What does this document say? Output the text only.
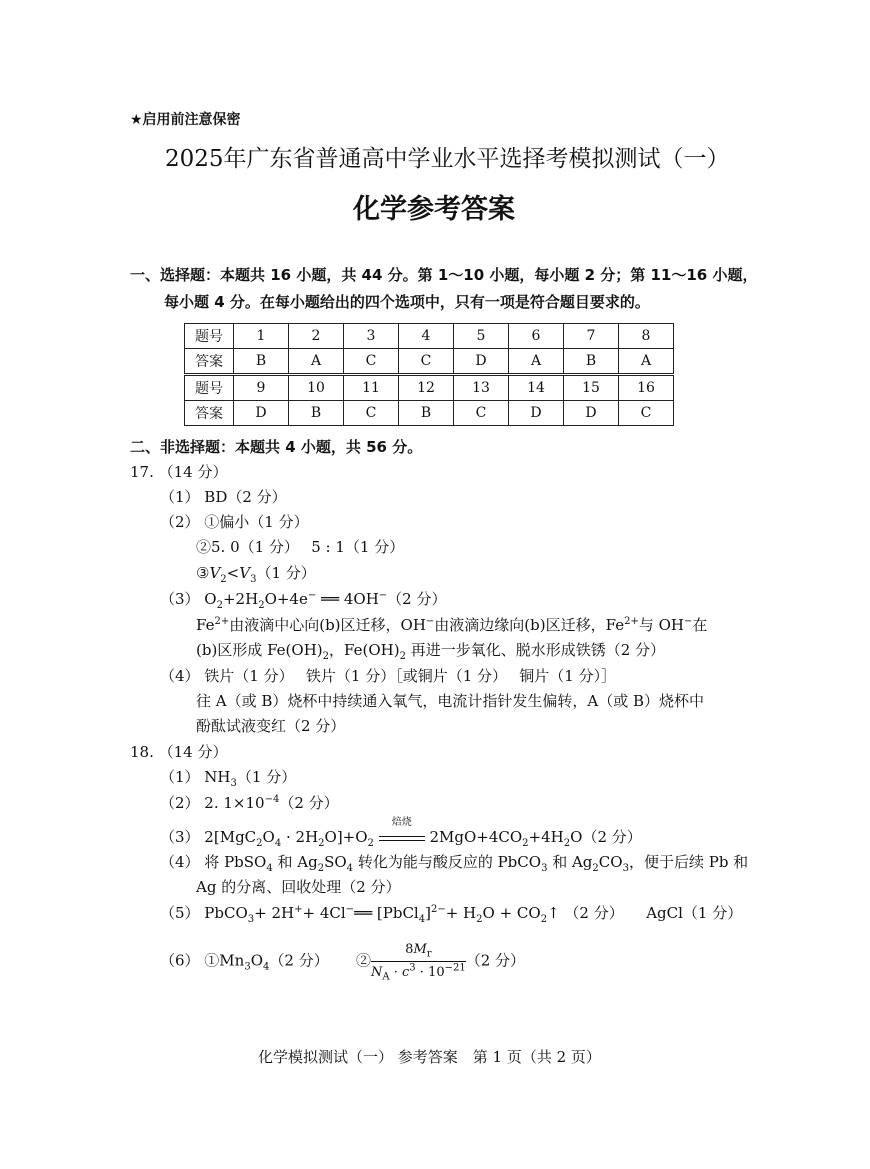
★启用前注意保密
2025年广东省普通高中学业水平选择考模拟测试（一）
化学参考答案
一、选择题：本题共 16 小题，共 44 分。第 1～10 小题，每小题 2 分；第 11～16 小题，
每小题 4 分。在每小题给出的四个选项中，只有一项是符合题目要求的。
题号	1	2	3	4	5	6	7	8
答案	B	A	C	C	D	A	B	A
题号	9	10	11	12	13	14	15	16
答案	D	B	C	B	C	D	D	C
二、非选择题：本题共 4 小题，共 56 分。
17. （14 分）
（1） BD（2 分）
（2） ①偏小（1 分）
②5. 0（1 分）　 5 : 1（1 分）
$③V_2<V_3(1$ 分）
（3） $O_2+2H_2O+4e^-$ ══ 4OH−（2 分）
$Fe^{2+}$由液滴中心向(b)区迁移，OH−由液滴边缘向(b)区迁移，$Fe^{2+}$与 OH−在
(b)区形成 $Fe(OH)_2$，$Fe(OH)_2$ 再进一步氧化、脱水形成铁锈（2 分）
（4） 铁片（1 分）　 铁片（1 分）［或铜片（1 分）　 铜片（1 分）］
往 A（或 B）烧杯中持续通入氧气，电流计指针发生偏转，A（或 B）烧杯中
酚酞试液变红（2 分）
18. （14 分）
（1） $NH_3(1$ 分）
（2） 2. $1\times 10^{-4}(2$ 分）
（3） $2[MgC_2O_4 \cdot 2H_2O]+O_2$
焙烧
$2MgO+4CO_2+4H_2O(2$ 分）
（4） 将 PbSO$_4$ 和 $Ag_2SO_4$ 转化为能与酸反应的 PbCO$_3$ 和 $Ag_2CO_3$，便于后续 Pb 和
Ag 的分离、回收处理（2 分）
（5） PbCO$_3$+ 2H++ 4Cl−══ [PbCl$_4$]$^{2-}$+ $H_2O$ + $CO_2↑$ （2 分）　　AgCl（1 分）
（6） $①Mn_3O_4(2$ 分）　　 ② $\frac{8M_r}{N_A \cdot c^3 \cdot 10^{-21}} (2$ 分）
化学模拟测试（一） 参考答案　第 1 页（共 2 页）
